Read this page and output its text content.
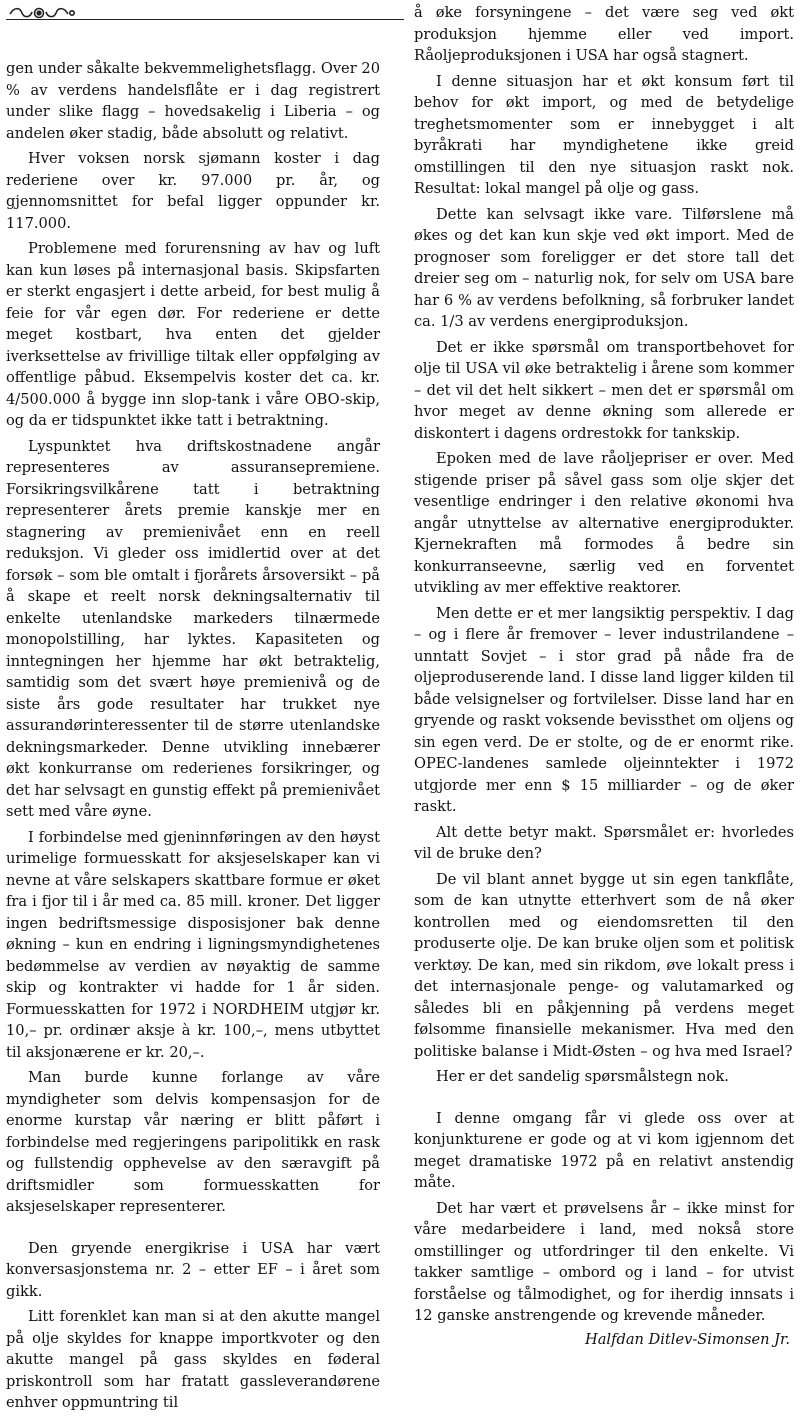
gen under såkalte bekvemmelighetsflagg. Over 20 % av verdens handelsflåte er i dag registrert under slike flagg – hovedsakelig i Liberia – og andelen øker stadig, både absolutt og relativt.

Hver voksen norsk sjømann koster i dag rederiene over kr. 97.000 pr. år, og gjennomsnittet for befal ligger oppunder kr. 117.000.

Problemene med forurensning av hav og luft kan kun løses på internasjonal basis. Skipsfarten er sterkt engasjert i dette arbeid, for best mulig å feie for vår egen dør. For rederiene er dette meget kostbart, hva enten det gjelder iverksettelse av frivillige tiltak eller oppfølging av offentlige påbud. Eksempelvis koster det ca. kr. 4/500.000 å bygge inn slop-tank i våre OBO-skip, og da er tidspunktet ikke tatt i betraktning.

Lyspunktet hva driftskostnadene angår representeres av assuransepremiene. Forsikringsvilkårene tatt i betraktning representerer årets premie kanskje mer en stagnering av premienivået enn en reell reduksjon. Vi gleder oss imidlertid over at det forsøk – som ble omtalt i fjorårets årsoversikt – på å skape et reelt norsk dekningsalternativ til enkelte utenlandske markeders tilnærmede monopolstilling, har lyktes. Kapasiteten og inntegningen her hjemme har økt betraktelig, samtidig som det svært høye premienivå og de siste års gode resultater har trukket nye assurandørinteressenter til de større utenlandske dekningsmarkeder. Denne utvikling innebærer økt konkurranse om rederienes forsikringer, og det har selvsagt en gunstig effekt på premienivået sett med våre øyne.

I forbindelse med gjeninnføringen av den høyst urimelige formuesskatt for aksjeselskaper kan vi nevne at våre selskapers skattbare formue er øket fra i fjor til i år med ca. 85 mill. kroner. Det ligger ingen bedriftsmessige disposisjoner bak denne økning – kun en endring i ligningsmyndighetenes bedømmelse av verdien av nøyaktig de samme skip og kontrakter vi hadde for 1 år siden. Formuesskatten for 1972 i NORDHEIM utgjør kr. 10,– pr. ordinær aksje à kr. 100,–, mens utbyttet til aksjonærene er kr. 20,–.

Man burde kunne forlange av våre myndigheter som delvis kompensasjon for de enorme kurstap vår næring er blitt påført i forbindelse med regjeringens paripolitikk en rask og fullstendig opphevelse av den særavgift på driftsmidler som formuesskatten for aksjeselskaper representerer.

Den gryende energikrise i USA har vært konversasjonstema nr. 2 – etter EF – i året som gikk.

Litt forenklet kan man si at den akutte mangel på olje skyldes for knappe importkvoter og den akutte mangel på gass skyldes en føderal priskontroll som har fratatt gassleverandørene enhver oppmuntring til

å øke forsyningene – det være seg ved økt produksjon hjemme eller ved import. Råoljeproduksjonen i USA har også stagnert.

I denne situasjon har et økt konsum ført til behov for økt import, og med de betydelige treghetsmomenter som er innebygget i alt byråkrati har myndighetene ikke greid omstillingen til den nye situasjon raskt nok. Resultat: lokal mangel på olje og gass.

Dette kan selvsagt ikke vare. Tilførslene må økes og det kan kun skje ved økt import. Med de prognoser som foreligger er det store tall det dreier seg om – naturlig nok, for selv om USA bare har 6 % av verdens befolkning, så forbruker landet ca. 1/3 av verdens energiproduksjon.

Det er ikke spørsmål om transportbehovet for olje til USA vil øke betraktelig i årene som kommer – det vil det helt sikkert – men det er spørsmål om hvor meget av denne økning som allerede er diskontert i dagens ordrestokk for tankskip.

Epoken med de lave råoljepriser er over. Med stigende priser på såvel gass som olje skjer det vesentlige endringer i den relative økonomi hva angår utnyttelse av alternative energiprodukter. Kjernekraften må formodes å bedre sin konkurranseevne, særlig ved en forventet utvikling av mer effektive reaktorer.

Men dette er et mer langsiktig perspektiv. I dag – og i flere år fremover – lever industrilandene – unntatt Sovjet – i stor grad på nåde fra de oljeproduserende land. I disse land ligger kilden til både velsignelser og fortvilelser. Disse land har en gryende og raskt voksende bevissthet om oljens og sin egen verd. De er stolte, og de er enormt rike. OPEC-landenes samlede oljeinntekter i 1972 utgjorde mer enn $ 15 milliarder – og de øker raskt.

Alt dette betyr makt. Spørsmålet er: hvorledes vil de bruke den?

De vil blant annet bygge ut sin egen tankflåte, som de kan utnytte etterhvert som de nå øker kontrollen med og eiendomsretten til den produserte olje. De kan bruke oljen som et politisk verktøy. De kan, med sin rikdom, øve lokalt press i det internasjonale penge- og valutamarked og således bli en påkjenning på verdens meget følsomme finansielle mekanismer. Hva med den politiske balanse i Midt-Østen – og hva med Israel?

Her er det sandelig spørsmålstegn nok.

I denne omgang får vi glede oss over at konjunkturene er gode og at vi kom igjennom det meget dramatiske 1972 på en relativt anstendig måte.

Det har vært et prøvelsens år – ikke minst for våre medarbeidere i land, med nokså store omstillinger og utfordringer til den enkelte. Vi takker samtlige – ombord og i land – for utvist forståelse og tålmodighet, og for iherdig innsats i 12 ganske anstrengende og krevende måneder.

Halfdan Ditlev-Simonsen Jr.
